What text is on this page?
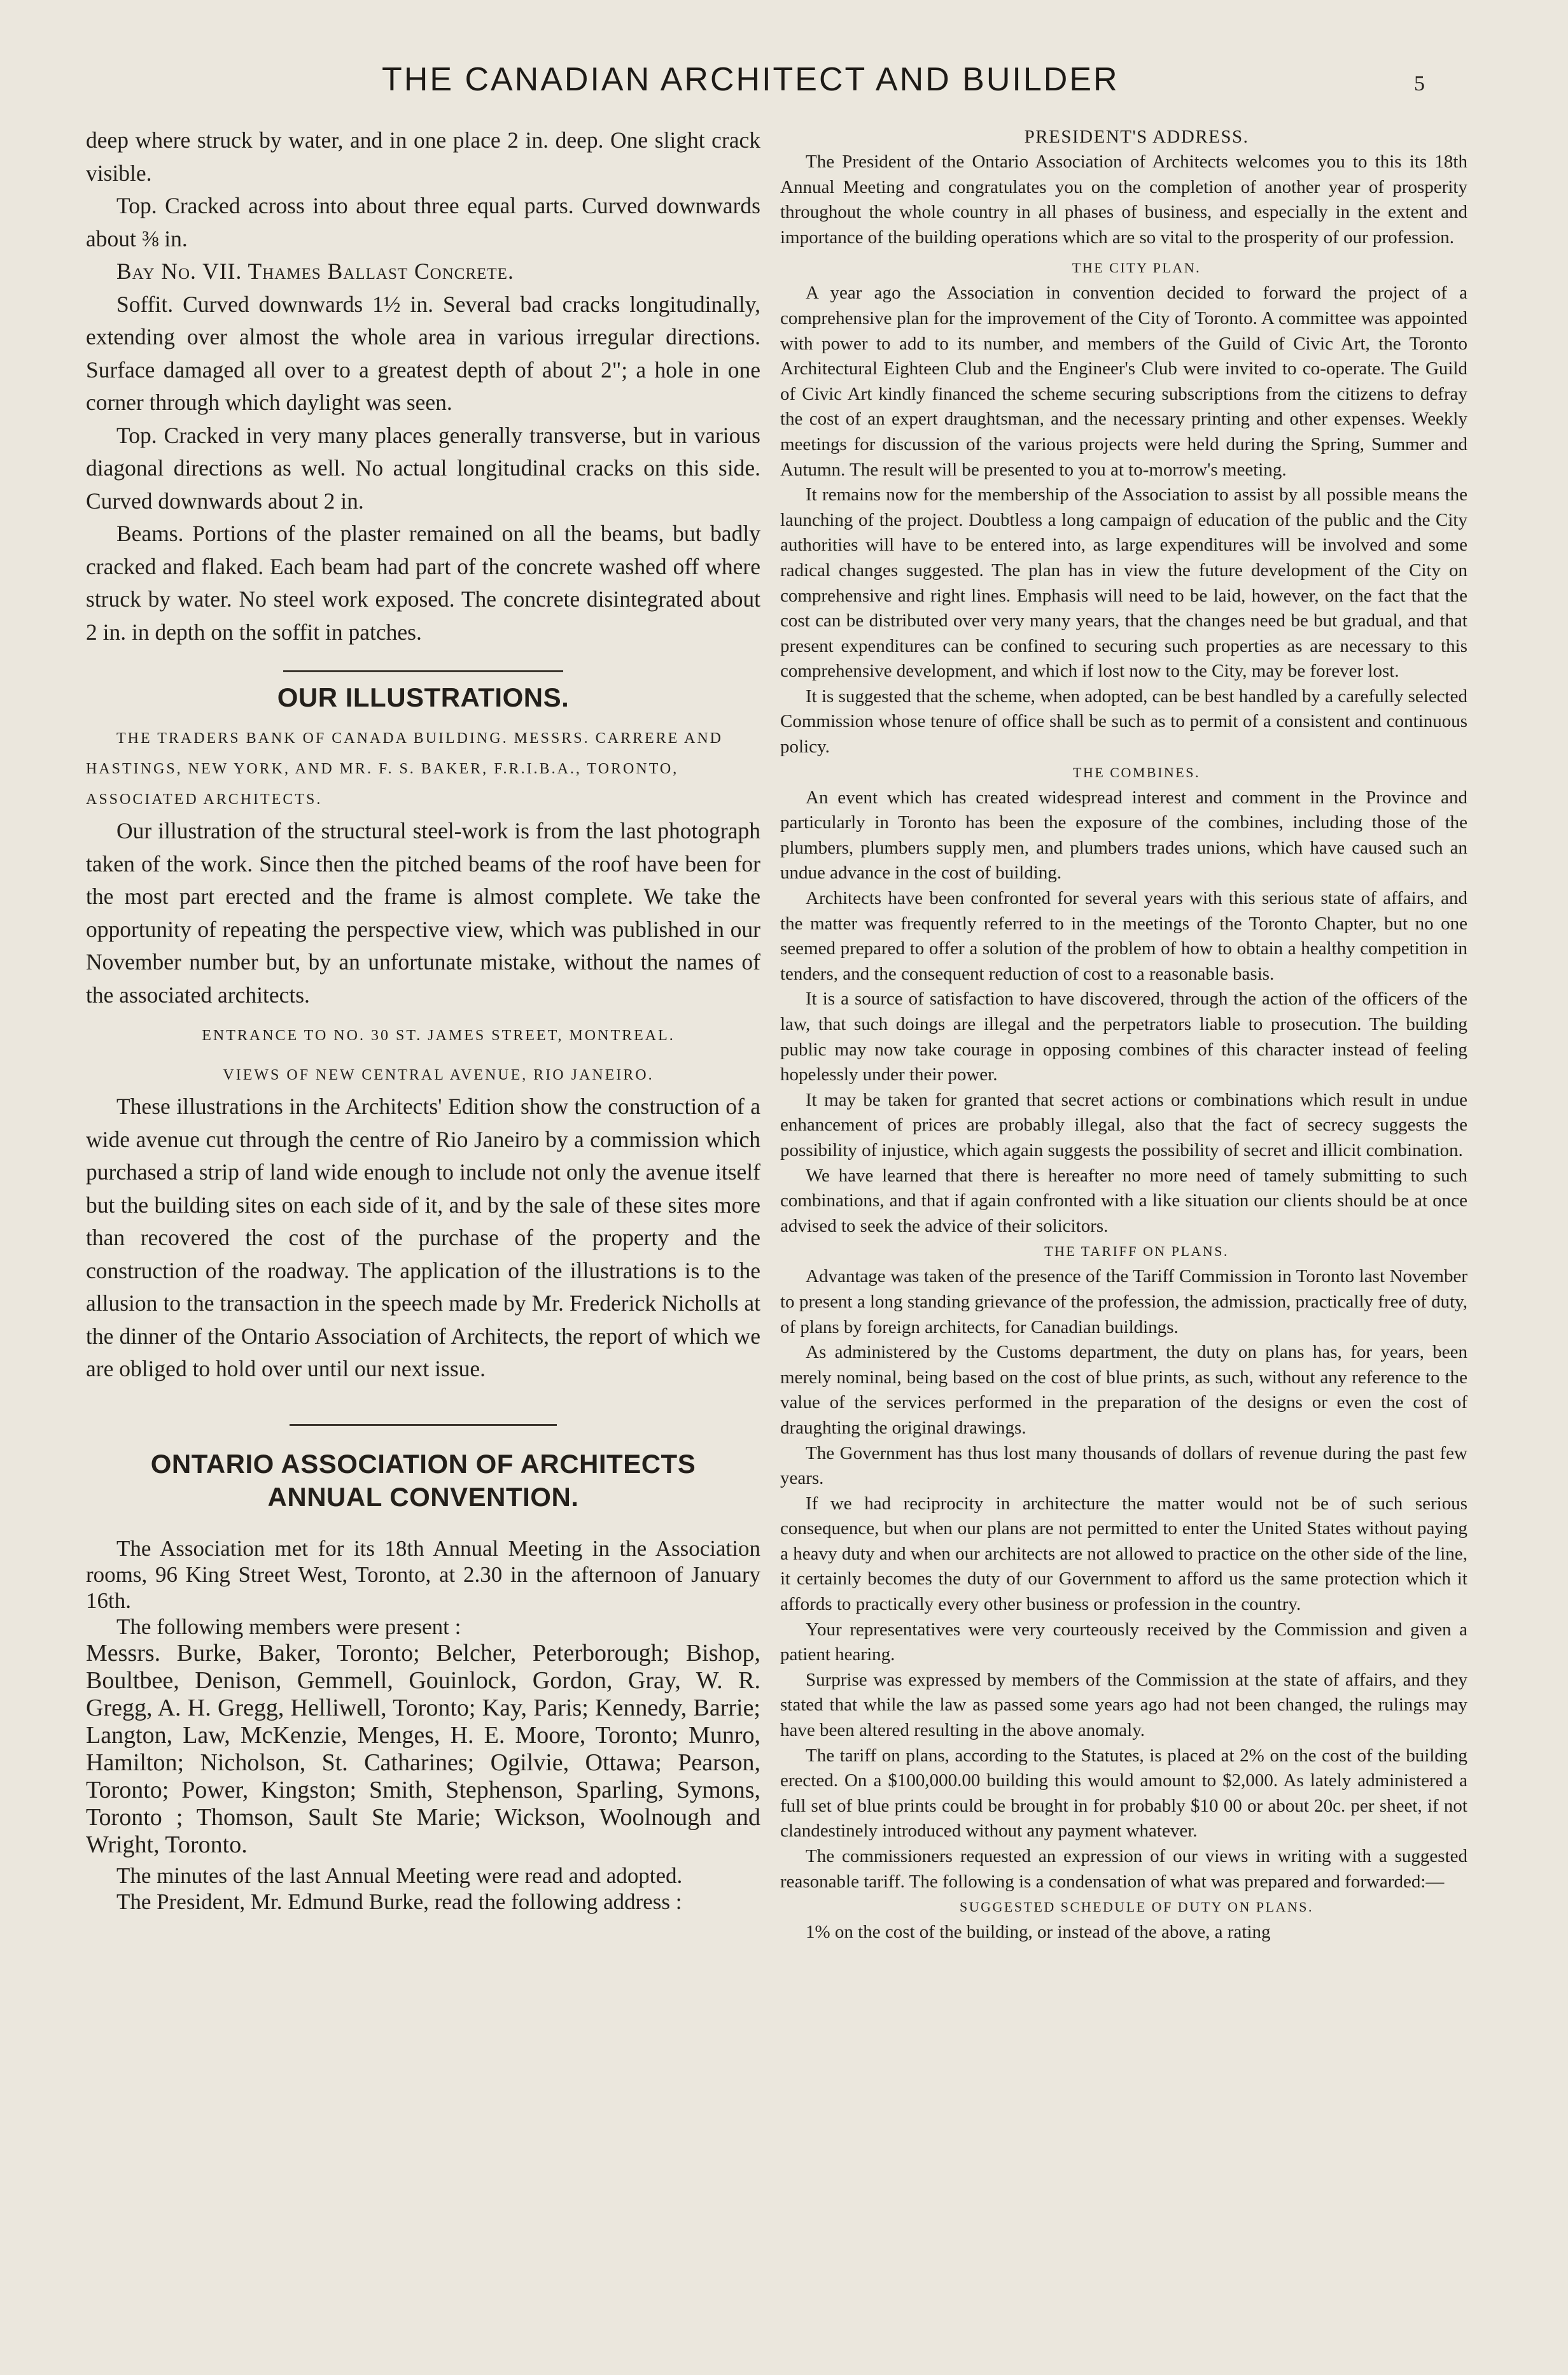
THE CANADIAN ARCHITECT AND BUILDER	5

deep where struck by water, and in one place 2 in. deep. One slight crack visible.

Top. Cracked across into about three equal parts. Curved downwards about ⅜ in.

Bay No. VII. Thames Ballast Concrete.

Soffit. Curved downwards 1½ in. Several bad cracks longitudinally, extending over almost the whole area in various irregular directions. Surface damaged all over to a greatest depth of about 2"; a hole in one corner through which daylight was seen.

Top. Cracked in very many places generally transverse, but in various diagonal directions as well. No actual longitudinal cracks on this side. Curved downwards about 2 in.

Beams. Portions of the plaster remained on all the beams, but badly cracked and flaked. Each beam had part of the concrete washed off where struck by water. No steel work exposed. The concrete disintegrated about 2 in. in depth on the soffit in patches.

OUR ILLUSTRATIONS.

THE TRADERS BANK OF CANADA BUILDING. MESSRS. CARRERE AND HASTINGS, NEW YORK, AND MR. F. S. BAKER, F.R.I.B.A., TORONTO, ASSOCIATED ARCHITECTS.

Our illustration of the structural steel-work is from the last photograph taken of the work. Since then the pitched beams of the roof have been for the most part erected and the frame is almost complete. We take the opportunity of repeating the perspective view, which was published in our November number but, by an unfortunate mistake, without the names of the associated architects.

ENTRANCE TO NO. 30 ST. JAMES STREET, MONTREAL.

VIEWS OF NEW CENTRAL AVENUE, RIO JANEIRO.

These illustrations in the Architects' Edition show the construction of a wide avenue cut through the centre of Rio Janeiro by a commission which purchased a strip of land wide enough to include not only the avenue itself but the building sites on each side of it, and by the sale of these sites more than recovered the cost of the purchase of the property and the construction of the roadway. The application of the illustrations is to the allusion to the transaction in the speech made by Mr. Frederick Nicholls at the dinner of the Ontario Association of Architects, the report of which we are obliged to hold over until our next issue.

ONTARIO ASSOCIATION OF ARCHITECTS
ANNUAL CONVENTION.

The Association met for its 18th Annual Meeting in the Association rooms, 96 King Street West, Toronto, at 2.30 in the afternoon of January 16th.

The following members were present :

Messrs. Burke, Baker, Toronto; Belcher, Peterborough; Bishop, Boultbee, Denison, Gemmell, Gouinlock, Gordon, Gray, W. R. Gregg, A. H. Gregg, Helliwell, Toronto; Kay, Paris; Kennedy, Barrie; Langton, Law, McKenzie, Menges, H. E. Moore, Toronto; Munro, Hamilton; Nicholson, St. Catharines; Ogilvie, Ottawa; Pearson, Toronto; Power, Kingston; Smith, Stephenson, Sparling, Symons, Toronto ; Thomson, Sault Ste Marie; Wickson, Woolnough and Wright, Toronto.

The minutes of the last Annual Meeting were read and adopted.

The President, Mr. Edmund Burke, read the following address :

PRESIDENT'S ADDRESS.

The President of the Ontario Association of Architects welcomes you to this its 18th Annual Meeting and congratulates you on the completion of another year of prosperity throughout the whole country in all phases of business, and especially in the extent and importance of the building operations which are so vital to the prosperity of our profession.

THE CITY PLAN.

A year ago the Association in convention decided to forward the project of a comprehensive plan for the improvement of the City of Toronto. A committee was appointed with power to add to its number, and members of the Guild of Civic Art, the Toronto Architectural Eighteen Club and the Engineer's Club were invited to co-operate. The Guild of Civic Art kindly financed the scheme securing subscriptions from the citizens to defray the cost of an expert draughtsman, and the necessary printing and other expenses. Weekly meetings for discussion of the various projects were held during the Spring, Summer and Autumn. The result will be presented to you at to-morrow's meeting.

It remains now for the membership of the Association to assist by all possible means the launching of the project. Doubtless a long campaign of education of the public and the City authorities will have to be entered into, as large expenditures will be involved and some radical changes suggested. The plan has in view the future development of the City on comprehensive and right lines. Emphasis will need to be laid, however, on the fact that the cost can be distributed over very many years, that the changes need be but gradual, and that present expenditures can be confined to securing such properties as are necessary to this comprehensive development, and which if lost now to the City, may be forever lost.

It is suggested that the scheme, when adopted, can be best handled by a carefully selected Commission whose tenure of office shall be such as to permit of a consistent and continuous policy.

THE COMBINES.

An event which has created widespread interest and comment in the Province and particularly in Toronto has been the exposure of the combines, including those of the plumbers, plumbers supply men, and plumbers trades unions, which have caused such an undue advance in the cost of building.

Architects have been confronted for several years with this serious state of affairs, and the matter was frequently referred to in the meetings of the Toronto Chapter, but no one seemed prepared to offer a solution of the problem of how to obtain a healthy competition in tenders, and the consequent reduction of cost to a reasonable basis.

It is a source of satisfaction to have discovered, through the action of the officers of the law, that such doings are illegal and the perpetrators liable to prosecution. The building public may now take courage in opposing combines of this character instead of feeling hopelessly under their power.

It may be taken for granted that secret actions or combinations which result in undue enhancement of prices are probably illegal, also that the fact of secrecy suggests the possibility of injustice, which again suggests the possibility of secret and illicit combination.

We have learned that there is hereafter no more need of tamely submitting to such combinations, and that if again confronted with a like situation our clients should be at once advised to seek the advice of their solicitors.

THE TARIFF ON PLANS.

Advantage was taken of the presence of the Tariff Commission in Toronto last November to present a long standing grievance of the profession, the admission, practically free of duty, of plans by foreign architects, for Canadian buildings.

As administered by the Customs department, the duty on plans has, for years, been merely nominal, being based on the cost of blue prints, as such, without any reference to the value of the services performed in the preparation of the designs or even the cost of draughting the original drawings.

The Government has thus lost many thousands of dollars of revenue during the past few years.

If we had reciprocity in architecture the matter would not be of such serious consequence, but when our plans are not permitted to enter the United States without paying a heavy duty and when our architects are not allowed to practice on the other side of the line, it certainly becomes the duty of our Government to afford us the same protection which it affords to practically every other business or profession in the country.

Your representatives were very courteously received by the Commission and given a patient hearing.

Surprise was expressed by members of the Commission at the state of affairs, and they stated that while the law as passed some years ago had not been changed, the rulings may have been altered resulting in the above anomaly.

The tariff on plans, according to the Statutes, is placed at 2% on the cost of the building erected. On a $100,000.00 building this would amount to $2,000. As lately administered a full set of blue prints could be brought in for probably $10 00 or about 20c. per sheet, if not clandestinely introduced without any payment whatever.

The commissioners requested an expression of our views in writing with a suggested reasonable tariff. The following is a condensation of what was prepared and forwarded:—

SUGGESTED SCHEDULE OF DUTY ON PLANS.

1% on the cost of the building, or instead of the above, a rating
